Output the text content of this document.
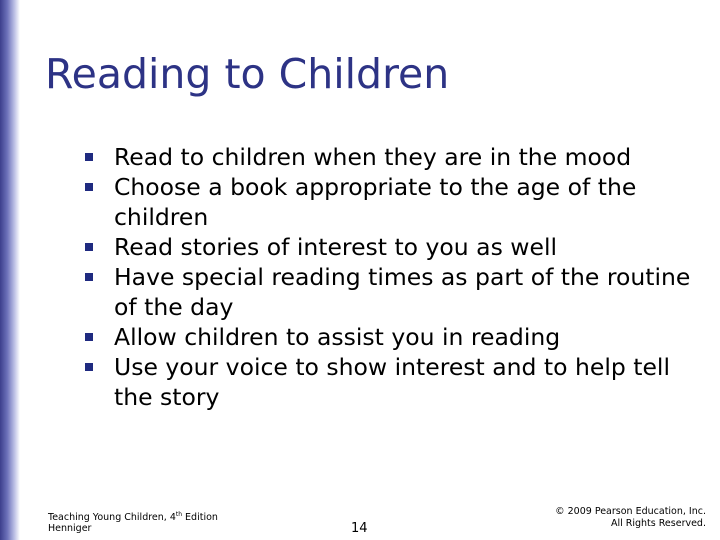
Reading to Children
Read to children when they are in the mood
Choose a book appropriate to the age of the children
Read stories of interest to you as well
Have special reading times as part of the routine of the day
Allow children to assist you in reading
Use your voice to show interest and to help tell the story
Teaching Young Children, 4th Edition
Henniger	14
© 2009 Pearson Education, Inc.
All Rights Reserved.
